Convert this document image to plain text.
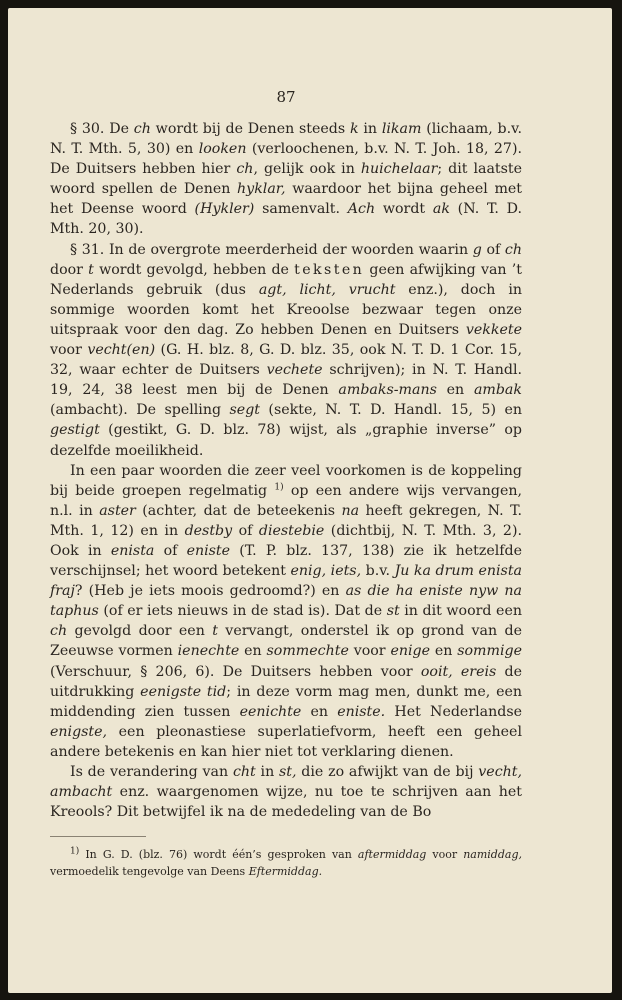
87

§ 30. De ch wordt bij de Denen steeds k in likam (lichaam, b.v. N. T. Mth. 5, 30) en looken (verloochenen, b.v. N. T. Joh. 18, 27). De Duitsers hebben hier ch, gelijk ook in huichelaar; dit laatste woord spellen de Denen hyklar, waardoor het bijna geheel met het Deense woord (Hykler) samenvalt. Ach wordt ak (N. T. D. Mth. 20, 30).

§ 31. In de overgrote meerderheid der woorden waarin g of ch door t wordt gevolgd, hebben de teksten geen afwijking van ’t Nederlands gebruik (dus agt, licht, vrucht enz.), doch in sommige woorden komt het Kreoolse bezwaar tegen onze uitspraak voor den dag. Zo hebben Denen en Duitsers vekkete voor vecht(en) (G. H. blz. 8, G. D. blz. 35, ook N. T. D. 1 Cor. 15, 32, waar echter de Duitsers vechete schrijven); in N. T. Handl. 19, 24, 38 leest men bij de Denen ambaks-mans en ambak (ambacht). De spelling segt (sekte, N. T. D. Handl. 15, 5) en gestigt (gestikt, G. D. blz. 78) wijst, als „graphie inverse” op dezelfde moeilikheid.

In een paar woorden die zeer veel voorkomen is de koppeling bij beide groepen regelmatig $^{1)}$ op een andere wijs vervangen, n.l. in aster (achter, dat de beteekenis na heeft gekregen, N. T. Mth. 1, 12) en in destby of diestebie (dichtbij, N. T. Mth. 3, 2). Ook in enista of eniste (T. P. blz. 137, 138) zie ik hetzelfde verschijnsel; het woord betekent enig, iets, b.v. Ju ka drum enista fraj? (Heb je iets moois gedroomd?) en as die ha eniste nyw na taphus (of er iets nieuws in de stad is). Dat de st in dit woord een ch gevolgd door een t vervangt, onderstel ik op grond van de Zeeuwse vormen ienechte en sommechte voor enige en sommige (Verschuur, § 206, 6). De Duitsers hebben voor ooit, ereis de uitdrukking eenigste tid; in deze vorm mag men, dunkt me, een middending zien tussen eenichte en eniste. Het Nederlandse enigste, een pleonastiese superlatiefvorm, heeft een geheel andere betekenis en kan hier niet tot verklaring dienen.

Is de verandering van cht in st, die zo afwijkt van de bij vecht, ambacht enz. waargenomen wijze, nu toe te schrijven aan het Kreools? Dit betwijfel ik na de mededeling van de Bo

$^{1)}$ In G. D. (blz. 76) wordt één’s gesproken van aftermiddag voor namiddag, vermoedelik tengevolge van Deens Eftermiddag.
